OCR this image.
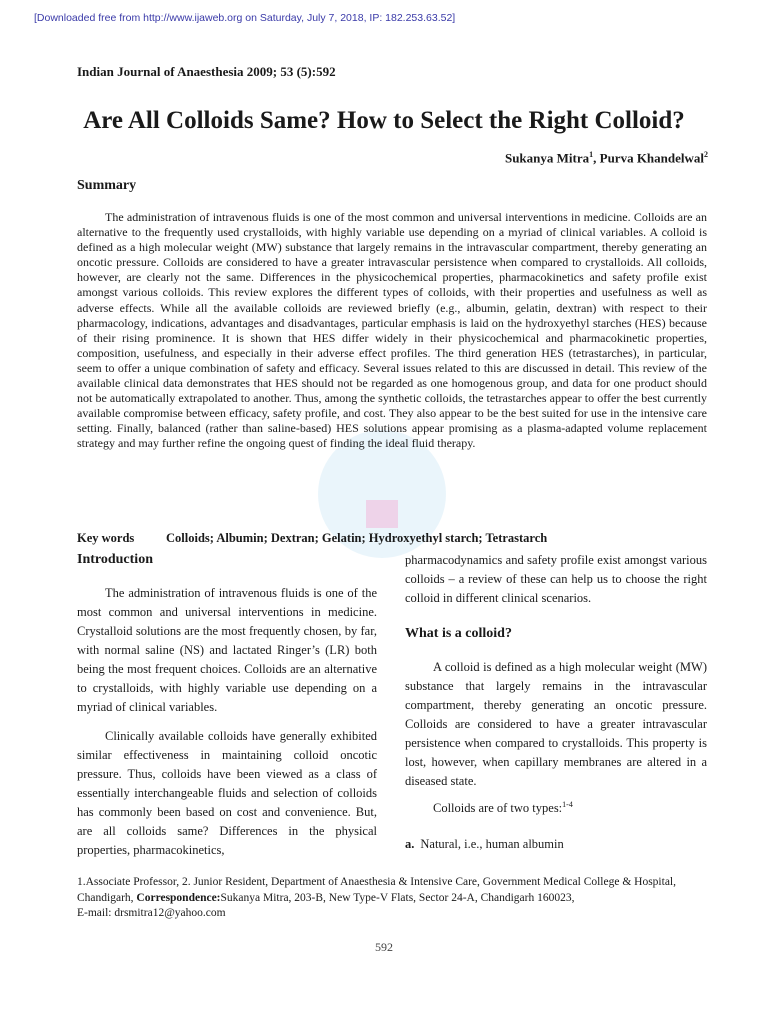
[Downloaded free from http://www.ijaweb.org on Saturday, July 7, 2018, IP: 182.253.63.52]
Indian Journal of Anaesthesia 2009; 53 (5):592
Are All Colloids Same? How to Select the Right Colloid?
Sukanya Mitra$^1$, Purva Khandelwal$^2$
Summary

The administration of intravenous fluids is one of the most common and universal interventions in medicine. Colloids are an alternative to the frequently used crystalloids, with highly variable use depending on a myriad of clinical variables. A colloid is defined as a high molecular weight (MW) substance that largely remains in the intravascular compartment, thereby generating an oncotic pressure. Colloids are considered to have a greater intravascular persistence when compared to crystalloids. All colloids, however, are clearly not the same. Differences in the physicochemical properties, pharmacokinetics and safety profile exist amongst various colloids. This review explores the different types of colloids, with their properties and usefulness as well as adverse effects. While all the available colloids are reviewed briefly (e.g., albumin, gelatin, dextran) with respect to their pharmacology, indications, advantages and disadvantages, particular emphasis is laid on the hydroxyethyl starches (HES) because of their rising prominence. It is shown that HES differ widely in their physicochemical and pharmacokinetic properties, composition, usefulness, and especially in their adverse effect profiles. The third generation HES (tetrastarches), in particular, seem to offer a unique combination of safety and efficacy. Several issues related to this are discussed in detail. This review of the available clinical data demonstrates that HES should not be regarded as one homogenous group, and data for one product should not be automatically extrapolated to another. Thus, among the synthetic colloids, the tetrastarches appear to offer the best currently available compromise between efficacy, safety profile, and cost. They also appear to be the best suited for use in the intensive care setting. Finally, balanced (rather than saline-based) HES solutions appear promising as a plasma-adapted volume replacement strategy and may further refine the ongoing quest of finding the ideal fluid therapy.

Key words	Colloids; Albumin; Dextran; Gelatin; Hydroxyethyl starch; Tetrastarch
Introduction

The administration of intravenous fluids is one of the most common and universal interventions in medicine. Crystalloid solutions are the most frequently chosen, by far, with normal saline (NS) and lactated Ringer’s (LR) both being the most frequent choices. Colloids are an alternative to crystalloids, with highly variable use depending on a myriad of clinical variables.

Clinically available colloids have generally exhibited similar effectiveness in maintaining colloid oncotic pressure. Thus, colloids have been viewed as a class of essentially interchangeable fluids and selection of colloids has commonly been based on cost and convenience. But, are all colloids same? Differences in the physical properties, pharmacokinetics,

pharmacodynamics and safety profile exist amongst various colloids – a review of these can help us to choose the right colloid in different clinical scenarios.

What is a colloid?

A colloid is defined as a high molecular weight (MW) substance that largely remains in the intravascular compartment, thereby generating an oncotic pressure. Colloids are considered to have a greater intravascular persistence when compared to crystalloids. This property is lost, however, when capillary membranes are altered in a diseased state.

Colloids are of two types:$^{1-4}$
a. Natural, i.e., human albumin

1.Associate Professor, 2. Junior Resident, Department of Anaesthesia & Intensive Care, Government Medical College & Hospital, Chandigarh, Correspondence:Sukanya Mitra, 203-B, New Type-V Flats, Sector 24-A, Chandigarh 160023,
E-mail: drsmitra12@yahoo.com

592
